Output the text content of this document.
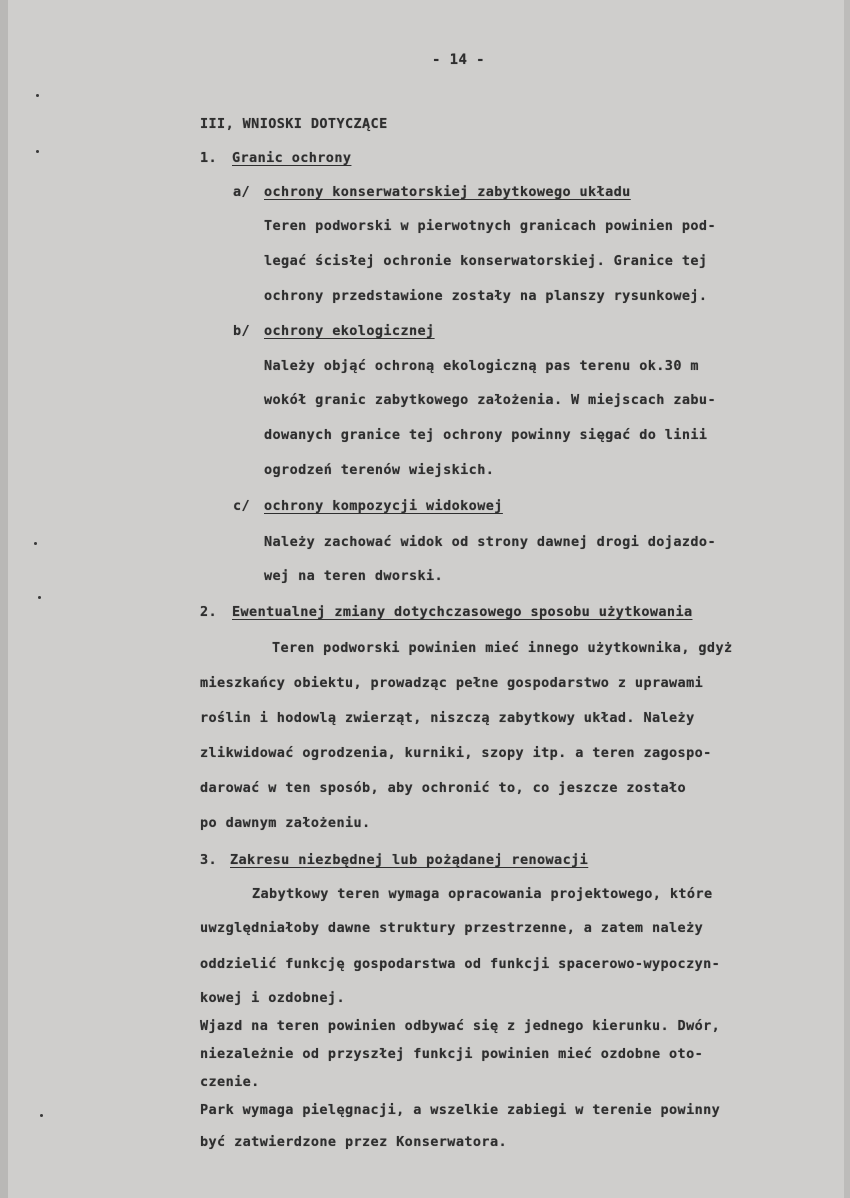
- 14 -
III, WNIOSKI DOTYCZĄCE
1. Granic ochrony
a/ ochrony konserwatorskiej zabytkowego układu
Teren podworski w pierwotnych granicach powinien pod-
legać ścisłej ochronie konserwatorskiej. Granice tej
ochrony przedstawione zostały na planszy rysunkowej.
b/ ochrony ekologicznej
Należy objąć ochroną ekologiczną pas terenu ok.30 m
wokół granic zabytkowego założenia. W miejscach zabu-
dowanych granice tej ochrony powinny sięgać do linii
ogrodzeń terenów wiejskich.
c/ ochrony kompozycji widokowej
Należy zachować widok od strony dawnej drogi dojazdo-
wej na teren dworski.
2. Ewentualnej zmiany dotychczasowego sposobu użytkowania
Teren podworski powinien mieć innego użytkownika, gdyż
mieszkańcy obiektu, prowadząc pełne gospodarstwo z uprawami
roślin i hodowlą zwierząt, niszczą zabytkowy układ. Należy
zlikwidować ogrodzenia, kurniki, szopy itp. a teren zagospo-
darować w ten sposób, aby ochronić to, co jeszcze zostało
po dawnym założeniu.
3. Zakresu niezbędnej lub pożądanej renowacji
Zabytkowy teren wymaga opracowania projektowego, które
uwzględniałoby dawne struktury przestrzenne, a zatem należy
oddzielić funkcję gospodarstwa od funkcji spacerowo-wypoczyn-
kowej i ozdobnej.
Wjazd na teren powinien odbywać się z jednego kierunku. Dwór,
niezależnie od przyszłej funkcji powinien mieć ozdobne oto-
czenie.
Park wymaga pielęgnacji, a wszelkie zabiegi w terenie powinny
być zatwierdzone przez Konserwatora.
